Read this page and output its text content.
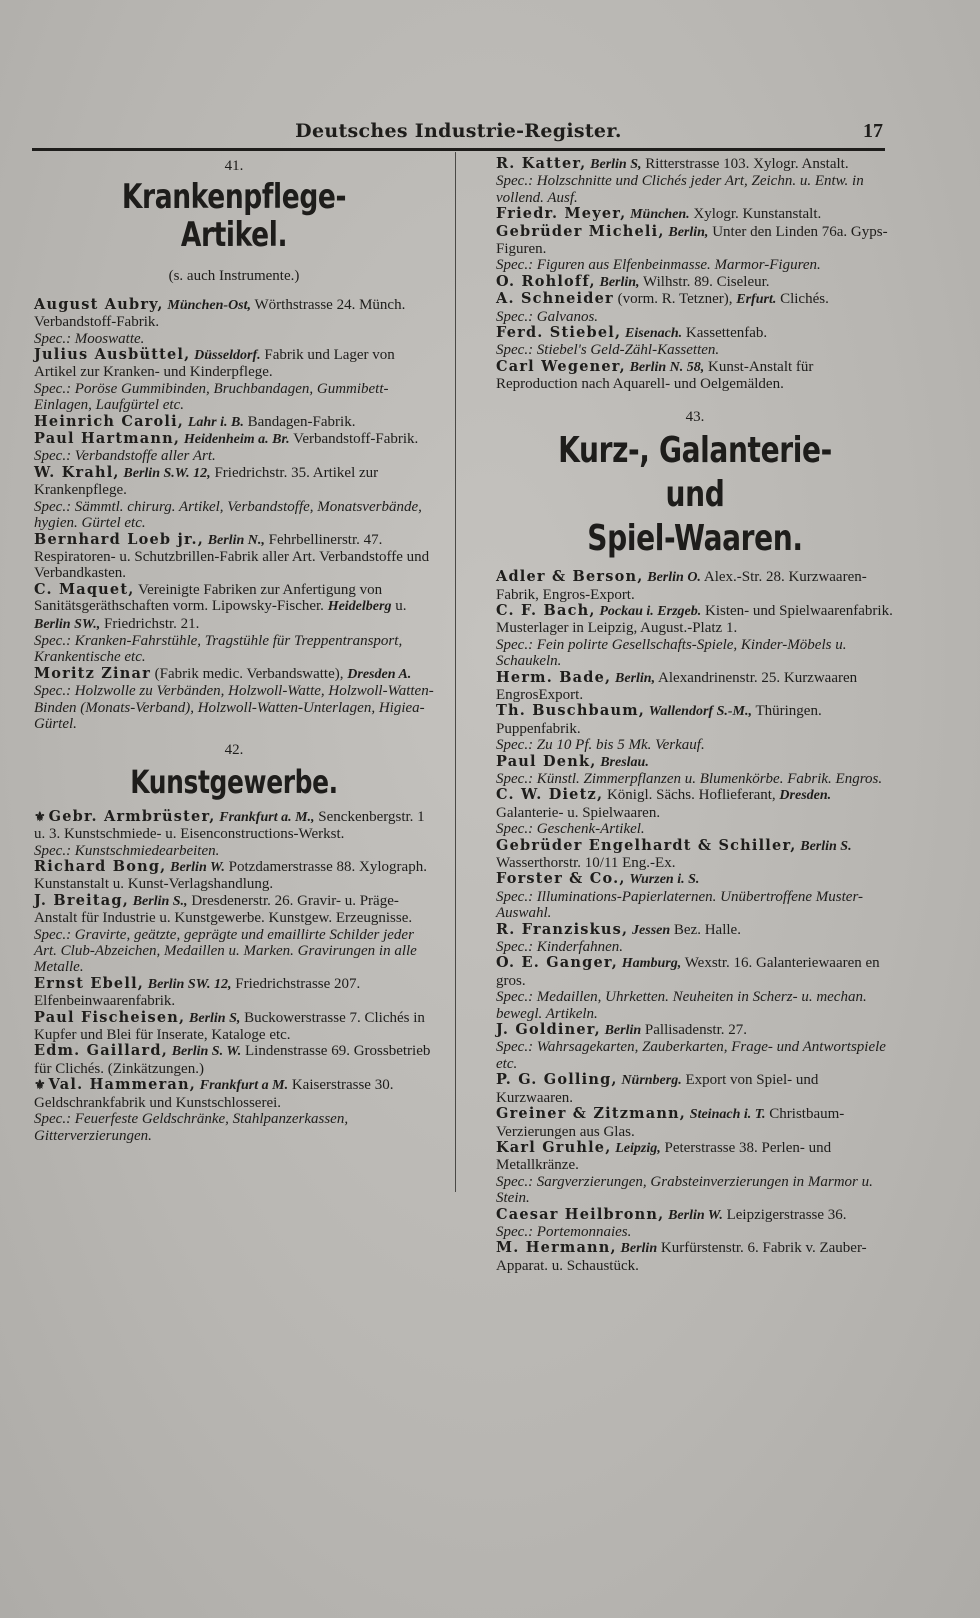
Deutsches Industrie-Register.	17
41.
Krankenpflege-Artikel.
(s. auch Instrumente.)

August Aubry, München-Ost, Wörthstrasse 24. Münch. Verbandstoff-Fabrik.
Spec.: Mooswatte.

Julius Ausbüttel, Düsseldorf. Fabrik und Lager von Artikel zur Kranken- und Kinderpflege.
Spec.: Poröse Gummibinden, Bruchbandagen, Gummibett-Einlagen, Laufgürtel etc.

Heinrich Caroli, Lahr i. B. Bandagen-Fabrik.

Paul Hartmann, Heidenheim a. Br. Verbandstoff-Fabrik.
Spec.: Verbandstoffe aller Art.

W. Krahl, Berlin S.W. 12, Friedrichstr. 35. Artikel zur Krankenpflege.
Spec.: Sämmtl. chirurg. Artikel, Verbandstoffe, Monatsverbände, hygien. Gürtel etc.

Bernhard Loeb jr., Berlin N., Fehrbellinerstr. 47. Respiratoren- u. Schutzbrillen-Fabrik aller Art. Verbandstoffe und Verbandkasten.

C. Maquet, Vereinigte Fabriken zur Anfertigung von Sanitätsgeräthschaften vorm. Lipowsky-Fischer. Heidelberg u. Berlin SW., Friedrichstr. 21.
Spec.: Kranken-Fahrstühle, Tragstühle für Treppentransport, Krankentische etc.

Moritz Zinar (Fabrik medic. Verbandswatte), Dresden A.
Spec.: Holzwolle zu Verbänden, Holzwoll-Watte, Holzwoll-Watten-Binden (Monats-Verband), Holzwoll-Watten-Unterlagen, Higiea-Gürtel.

42.
Kunstgewerbe.

⚜ Gebr. Armbrüster, Frankfurt a. M., Senckenbergstr. 1 u. 3. Kunstschmiede- u. Eisenconstructions-Werkst.
Spec.: Kunstschmiedearbeiten.

Richard Bong, Berlin W. Potzdamerstrasse 88. Xylograph. Kunstanstalt u. Kunst-Verlagshandlung.

J. Breitag, Berlin S., Dresdenerstr. 26. Gravir- u. Präge-Anstalt für Industrie u. Kunstgewerbe. Kunstgew. Erzeugnisse.
Spec.: Gravirte, geätzte, geprägte und emaillirte Schilder jeder Art. Club-Abzeichen, Medaillen u. Marken. Gravirungen in alle Metalle.

Ernst Ebell, Berlin SW. 12, Friedrichstrasse 207. Elfenbeinwaarenfabrik.

Paul Fischeisen, Berlin S, Buckowerstrasse 7. Clichés in Kupfer und Blei für Inserate, Kataloge etc.

Edm. Gaillard, Berlin S. W. Lindenstrasse 69. Grossbetrieb für Clichés. (Zinkätzungen.)

⚜ Val. Hammeran, Frankfurt a M. Kaiserstrasse 30. Geldschrankfabrik und Kunstschlosserei.
Spec.: Feuerfeste Geldschränke, Stahlpanzerkassen, Gitterverzierungen.

R. Katter, Berlin S, Ritterstrasse 103. Xylogr. Anstalt.
Spec.: Holzschnitte und Clichés jeder Art, Zeichn. u. Entw. in vollend. Ausf.

Friedr. Meyer, München. Xylogr. Kunstanstalt.

Gebrüder Micheli, Berlin, Unter den Linden 76a. Gyps-Figuren.
Spec.: Figuren aus Elfenbeinmasse. Marmor-Figuren.

O. Rohloff, Berlin, Wilhstr. 89. Ciseleur.

A. Schneider (vorm. R. Tetzner), Erfurt. Clichés.
Spec.: Galvanos.

Ferd. Stiebel, Eisenach. Kassettenfab.
Spec.: Stiebel's Geld-Zähl-Kassetten.

Carl Wegener, Berlin N. 58, Kunst-Anstalt für Reproduction nach Aquarell- und Oelgemälden.

43.
Kurz-, Galanterie- und
Spiel-Waaren.

Adler & Berson, Berlin O. Alex.-Str. 28. Kurzwaaren-Fabrik, Engros-Export.

C. F. Bach, Pockau i. Erzgeb. Kisten- und Spielwaarenfabrik. Musterlager in Leipzig, August.-Platz 1.
Spec.: Fein polirte Gesellschafts-Spiele, Kinder-Möbels u. Schaukeln.

Herm. Bade, Berlin, Alexandrinenstr. 25. Kurzwaaren EngrosExport.

Th. Buschbaum, Wallendorf S.-M., Thüringen. Puppenfabrik.
Spec.: Zu 10 Pf. bis 5 Mk. Verkauf.

Paul Denk, Breslau.
Spec.: Künstl. Zimmerpflanzen u. Blumenkörbe. Fabrik. Engros.

C. W. Dietz, Königl. Sächs. Hoflieferant, Dresden. Galanterie- u. Spielwaaren.
Spec.: Geschenk-Artikel.

Gebrüder Engelhardt & Schiller, Berlin S. Wasserthorstr. 10/11 Eng.-Ex.

Forster & Co., Wurzen i. S.
Spec.: Illuminations-Papierlaternen. Unübertroffene Muster-Auswahl.

R. Franziskus, Jessen Bez. Halle.
Spec.: Kinderfahnen.

O. E. Ganger, Hamburg, Wexstr. 16. Galanteriewaaren en gros.
Spec.: Medaillen, Uhrketten. Neuheiten in Scherz- u. mechan. bewegl. Artikeln.

J. Goldiner, Berlin Pallisadenstr. 27.
Spec.: Wahrsagekarten, Zauberkarten, Frage- und Antwortspiele etc.

P. G. Golling, Nürnberg. Export von Spiel- und Kurzwaaren.

Greiner & Zitzmann, Steinach i. T. Christbaum-Verzierungen aus Glas.

Karl Gruhle, Leipzig, Peterstrasse 38. Perlen- und Metallkränze.
Spec.: Sargverzierungen, Grabsteinverzierungen in Marmor u. Stein.

Caesar Heilbronn, Berlin W. Leipzigerstrasse 36.
Spec.: Portemonnaies.

M. Hermann, Berlin Kurfürstenstr. 6. Fabrik v. Zauber-Apparat. u. Schaustück.
